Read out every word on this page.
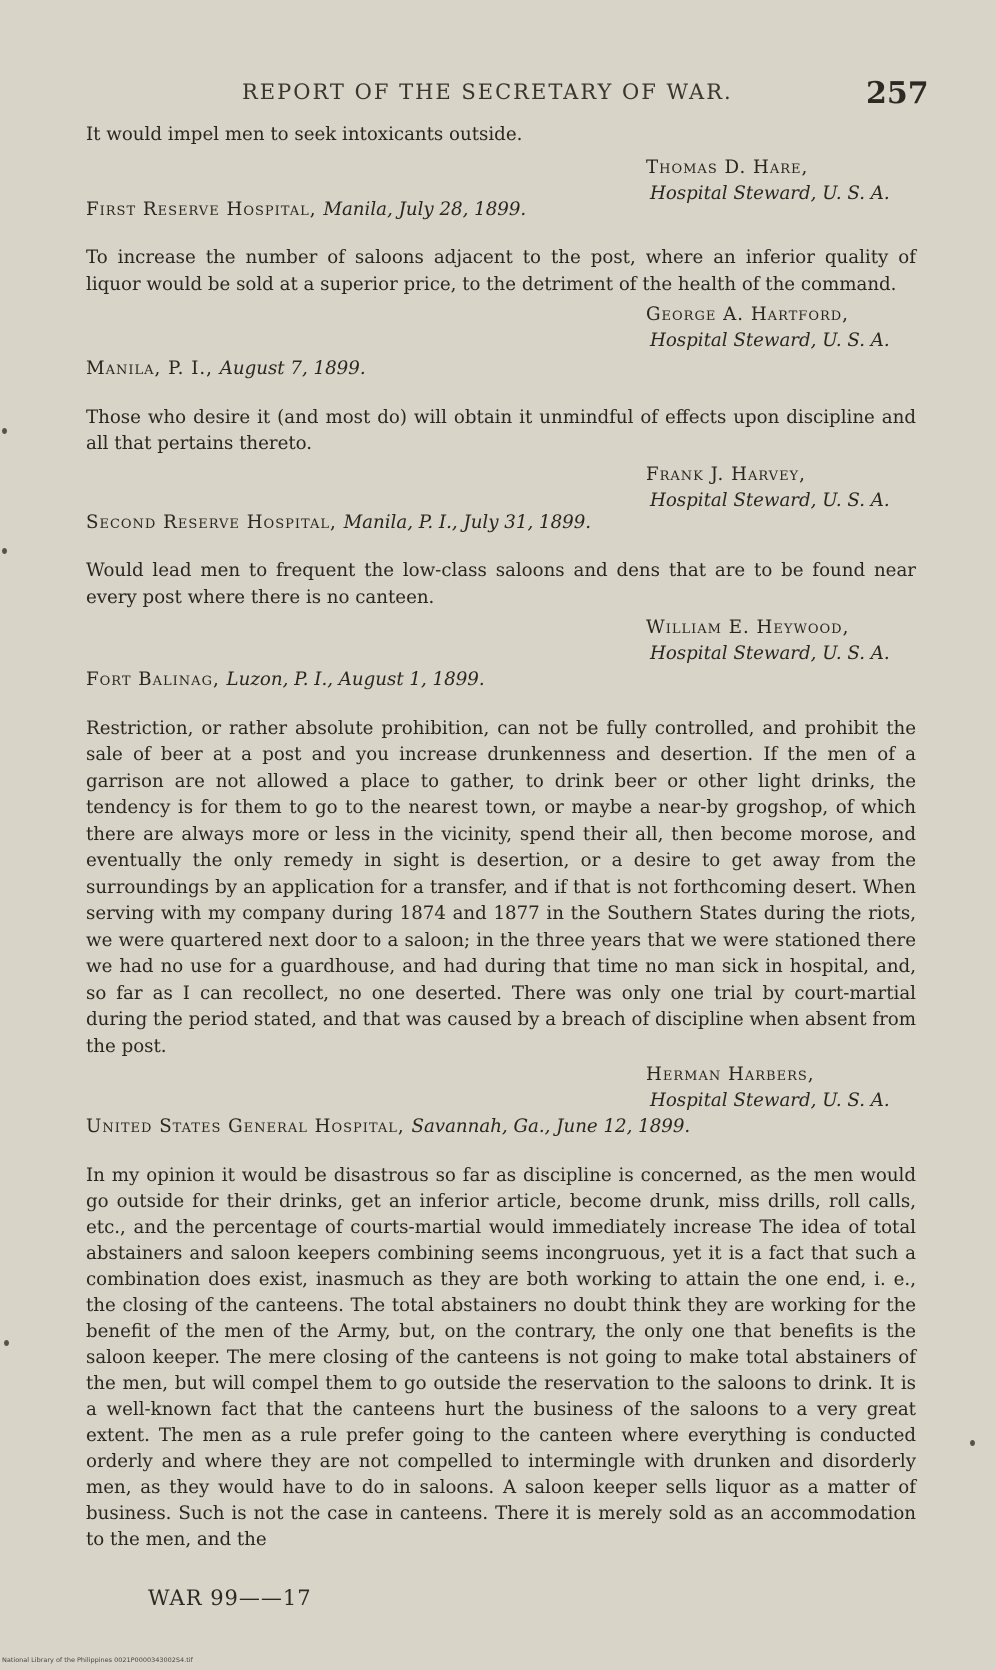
REPORT OF THE SECRETARY OF WAR.	257

It would impel men to seek intoxicants outside.

Thomas D. Hare,
Hospital Steward, U. S. A.

First Reserve Hospital, Manila, July 28, 1899.

To increase the number of saloons adjacent to the post, where an inferior quality of liquor would be sold at a superior price, to the detriment of the health of the command.

George A. Hartford,
Hospital Steward, U. S. A.

Manila, P. I., August 7, 1899.

Those who desire it (and most do) will obtain it unmindful of effects upon discipline and all that pertains thereto.

Frank J. Harvey,
Hospital Steward, U. S. A.

Second Reserve Hospital, Manila, P. I., July 31, 1899.

Would lead men to frequent the low-class saloons and dens that are to be found near every post where there is no canteen.

William E. Heywood,
Hospital Steward, U. S. A.

Fort Balinag, Luzon, P. I., August 1, 1899.

Restriction, or rather absolute prohibition, can not be fully controlled, and prohibit the sale of beer at a post and you increase drunkenness and desertion. If the men of a garrison are not allowed a place to gather, to drink beer or other light drinks, the tendency is for them to go to the nearest town, or maybe a near-by grogshop, of which there are always more or less in the vicinity, spend their all, then become morose, and eventually the only remedy in sight is desertion, or a desire to get away from the surroundings by an application for a transfer, and if that is not forthcoming desert. When serving with my company during 1874 and 1877 in the Southern States during the riots, we were quartered next door to a saloon; in the three years that we were stationed there we had no use for a guardhouse, and had during that time no man sick in hospital, and, so far as I can recollect, no one deserted. There was only one trial by court-martial during the period stated, and that was caused by a breach of discipline when absent from the post.

Herman Harbers,
Hospital Steward, U. S. A.

United States General Hospital, Savannah, Ga., June 12, 1899.

In my opinion it would be disastrous so far as discipline is concerned, as the men would go outside for their drinks, get an inferior article, become drunk, miss drills, roll calls, etc., and the percentage of courts-martial would immediately increase The idea of total abstainers and saloon keepers combining seems incongruous, yet it is a fact that such a combination does exist, inasmuch as they are both working to attain the one end, i. e., the closing of the canteens. The total abstainers no doubt think they are working for the benefit of the men of the Army, but, on the contrary, the only one that benefits is the saloon keeper. The mere closing of the canteens is not going to make total abstainers of the men, but will compel them to go outside the reservation to the saloons to drink. It is a well-known fact that the canteens hurt the business of the saloons to a very great extent. The men as a rule prefer going to the canteen where everything is conducted orderly and where they are not compelled to intermingle with drunken and disorderly men, as they would have to do in saloons. A saloon keeper sells liquor as a matter of business. Such is not the case in canteens. There it is merely sold as an accommodation to the men, and the

WAR 99——17
National Library of the Philippines 0021P0000343002S4.tif
